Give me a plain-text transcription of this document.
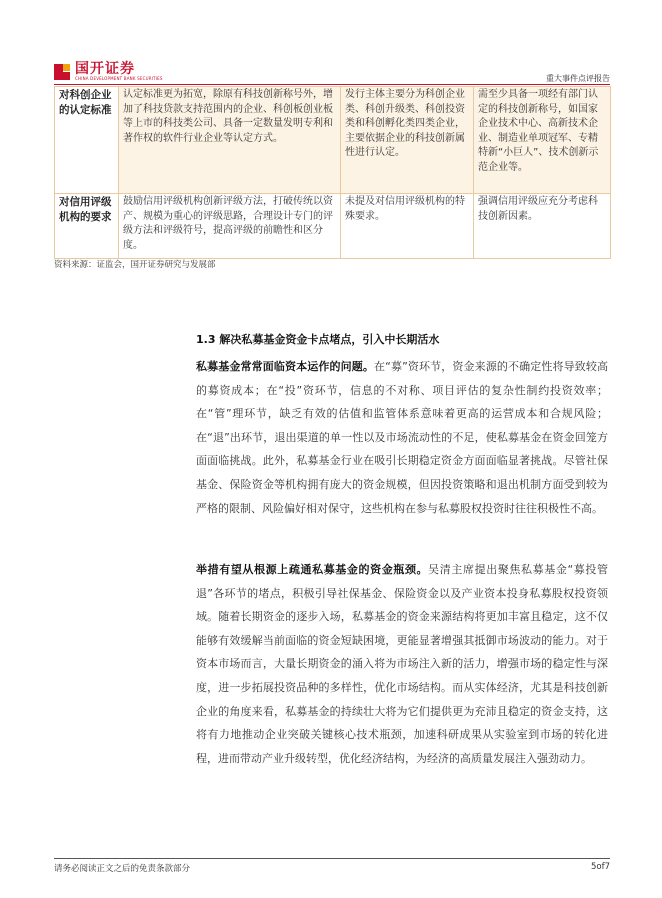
国开证券
CHINA DEVELOPMENT BANK SECURITIES	重大事件点评报告
对科创企业的认定标准	认定标准更为拓宽，除原有科技创新称号外，增加了科技贷款支持范围内的企业、科创板创业板等上市的科技类公司、具备一定数量发明专利和著作权的软件行业企业等认定方式。	发行主体主要分为科创企业类、科创升级类、科创投资类和科创孵化类四类企业，主要依据企业的科技创新属性进行认定。	需至少具备一项经有部门认定的科技创新称号，如国家企业技术中心、高新技术企业、制造业单项冠军、专精特新“小巨人”、技术创新示范企业等。
对信用评级机构的要求	鼓励信用评级机构创新评级方法，打破传统以资产、规模为重心的评级思路，合理设计专门的评级方法和评级符号，提高评级的前瞻性和区分度。	未提及对信用评级机构的特殊要求。	强调信用评级应充分考虑科技创新因素。
资料来源：证监会，国开证券研究与发展部
1.3 解决私募基金资金卡点堵点，引入中长期活水

私募基金常常面临资本运作的问题。在“募”资环节，资金来源的不确定性将导致较高的募资成本；在“投”资环节，信息的不对称、项目评估的复杂性制约投资效率；在“管”理环节，缺乏有效的估值和监管体系意味着更高的运营成本和合规风险；在“退”出环节，退出渠道的单一性以及市场流动性的不足，使私募基金在资金回笼方面面临挑战。此外，私募基金行业在吸引长期稳定资金方面面临显著挑战。尽管社保基金、保险资金等机构拥有庞大的资金规模，但因投资策略和退出机制方面受到较为严格的限制、风险偏好相对保守，这些机构在参与私募股权投资时往往积极性不高。

举措有望从根源上疏通私募基金的资金瓶颈。吴清主席提出聚焦私募基金“募投管退”各环节的堵点，积极引导社保基金、保险资金以及产业资本投身私募股权投资领域。随着长期资金的逐步入场，私募基金的资金来源结构将更加丰富且稳定，这不仅能够有效缓解当前面临的资金短缺困境，更能显著增强其抵御市场波动的能力。对于资本市场而言，大量长期资金的涌入将为市场注入新的活力，增强市场的稳定性与深度，进一步拓展投资品种的多样性，优化市场结构。而从实体经济，尤其是科技创新企业的角度来看，私募基金的持续壮大将为它们提供更为充沛且稳定的资金支持，这将有力地推动企业突破关键核心技术瓶颈，加速科研成果从实验室到市场的转化进程，进而带动产业升级转型，优化经济结构，为经济的高质量发展注入强劲动力。

请务必阅读正文之后的免责条款部分	5of7
